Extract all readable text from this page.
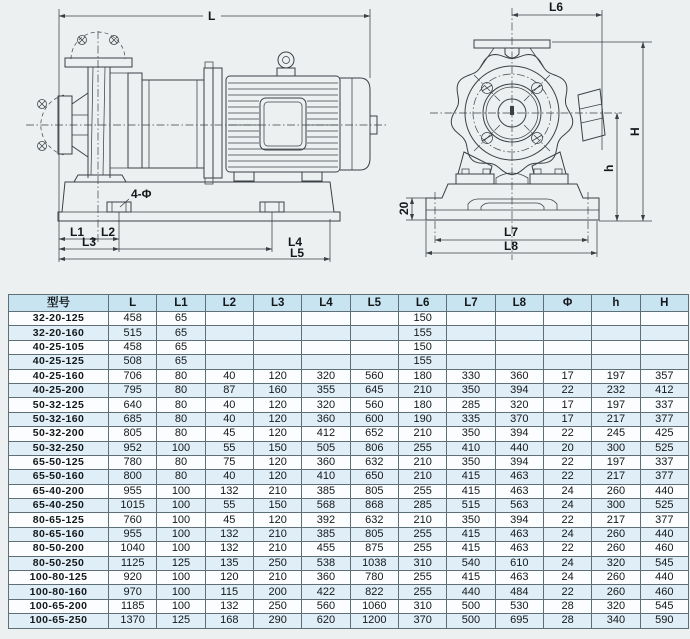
L
4-Φ
L1 L2
L3	L4
L5
L6
20
L7
L8
h
H
型号	L	L1	L2	L3	L4	L5	L6	L7	L8	Φ	h	H
32-20-125	458	65					150					
32-20-160	515	65					155					
40-25-105	458	65					150					
40-25-125	508	65					155					
40-25-160	706	80	40	120	320	560	180	330	360	17	197	357
40-25-200	795	80	87	160	355	645	210	350	394	22	232	412
50-32-125	640	80	40	120	320	560	180	285	320	17	197	337
50-32-160	685	80	40	120	360	600	190	335	370	17	217	377
50-32-200	805	80	45	120	412	652	210	350	394	22	245	425
50-32-250	952	100	55	150	505	806	255	410	440	20	300	525
65-50-125	780	80	75	120	360	632	210	350	394	22	197	337
65-50-160	800	80	40	120	410	650	210	415	463	22	217	377
65-40-200	955	100	132	210	385	805	255	415	463	24	260	440
65-40-250	1015	100	55	150	568	868	285	515	563	24	300	525
80-65-125	760	100	45	120	392	632	210	350	394	22	217	377
80-65-160	955	100	132	210	385	805	255	415	463	24	260	440
80-50-200	1040	100	132	210	455	875	255	415	463	22	260	460
80-50-250	1125	125	135	250	538	1038	310	540	610	24	320	545
100-80-125	920	100	120	210	360	780	255	415	463	24	260	440
100-80-160	970	100	115	200	422	822	255	440	484	22	260	460
100-65-200	1185	100	132	250	560	1060	310	500	530	28	320	545
100-65-250	1370	125	168	290	620	1200	370	500	695	28	340	590
